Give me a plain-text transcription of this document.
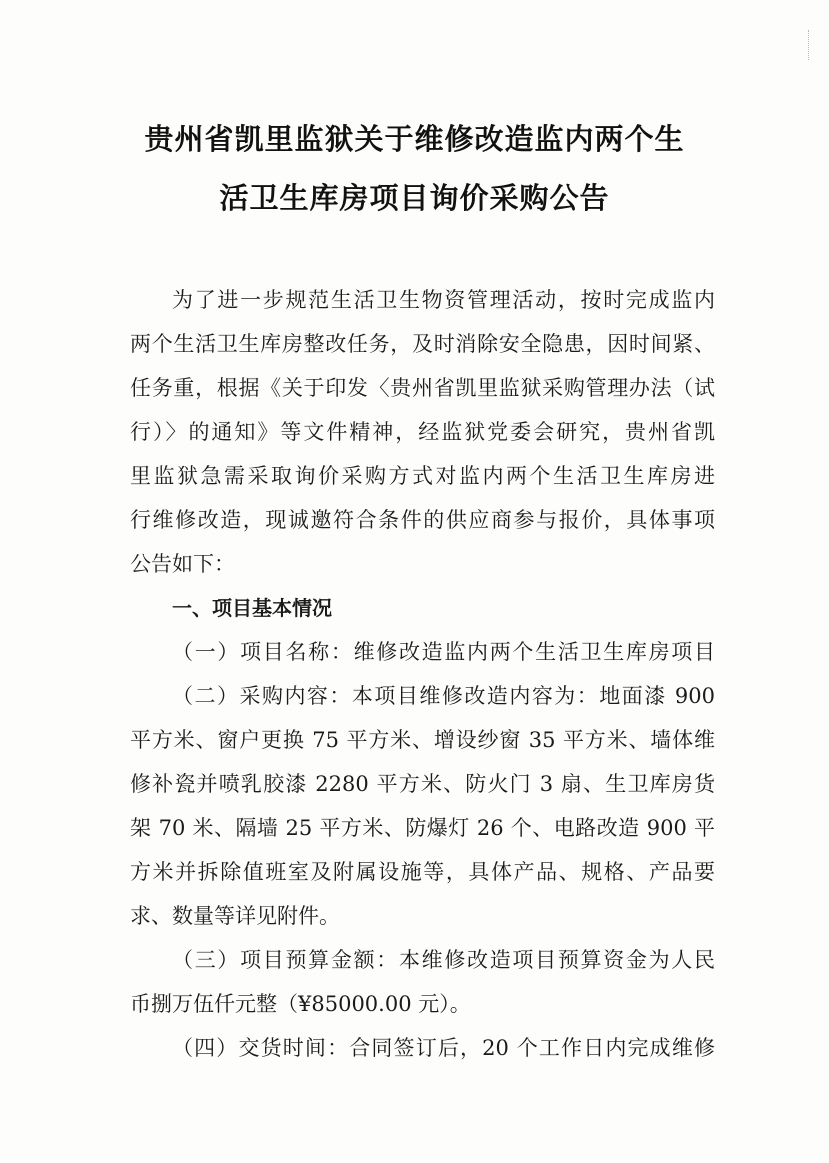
贵州省凯里监狱关于维修改造监内两个生
活卫生库房项目询价采购公告
为了进一步规范生活卫生物资管理活动，按时完成监内
两个生活卫生库房整改任务，及时消除安全隐患，因时间紧、
任务重，根据《关于印发〈贵州省凯里监狱采购管理办法（试
行）〉的通知》等文件精神，经监狱党委会研究，贵州省凯
里监狱急需采取询价采购方式对监内两个生活卫生库房进
行维修改造，现诚邀符合条件的供应商参与报价，具体事项
公告如下：
一、项目基本情况
（一）项目名称：维修改造监内两个生活卫生库房项目
（二）采购内容：本项目维修改造内容为：地面漆 900
平方米、窗户更换 75 平方米、增设纱窗 35 平方米、墙体维
修补瓷并喷乳胶漆 2280 平方米、防火门 3 扇、生卫库房货
架 70 米、隔墙 25 平方米、防爆灯 26 个、电路改造 900 平
方米并拆除值班室及附属设施等，具体产品、规格、产品要
求、数量等详见附件。
（三）项目预算金额：本维修改造项目预算资金为人民
币捌万伍仟元整（¥85000.00 元）。
（四）交货时间：合同签订后，20 个工作日内完成维修
